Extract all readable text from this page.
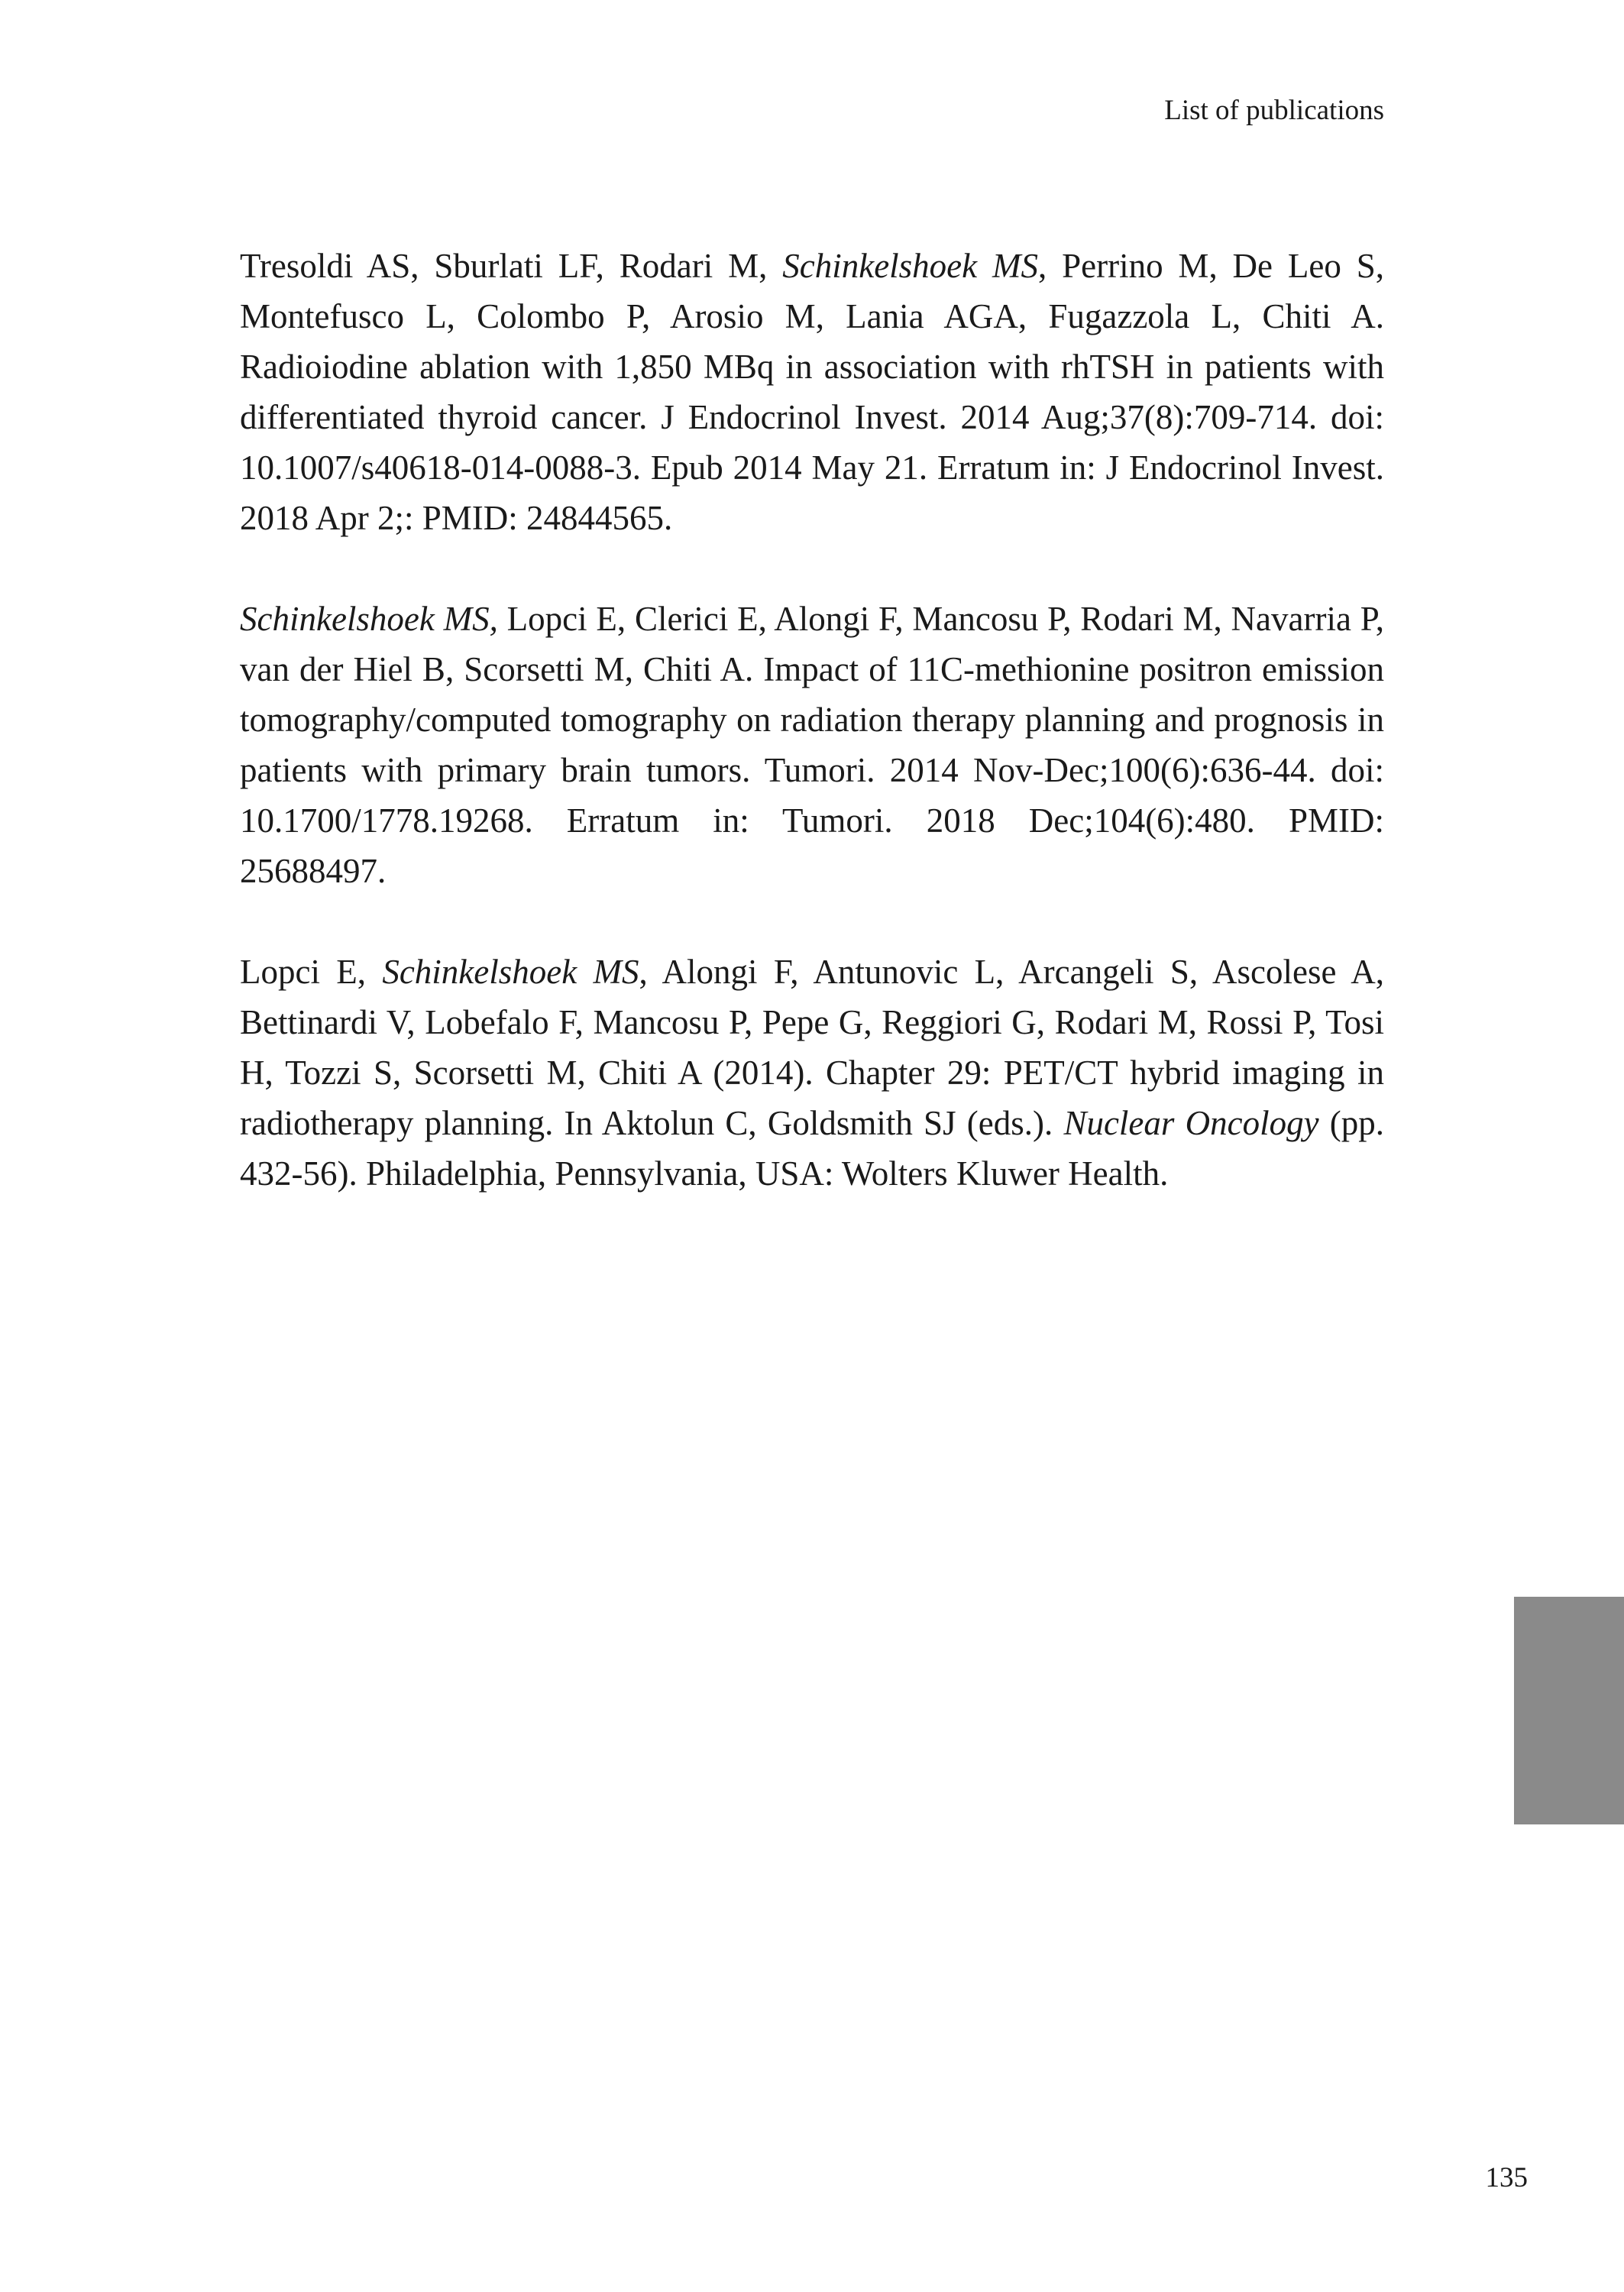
List of publications

Tresoldi AS, Sburlati LF, Rodari M, Schinkelshoek MS, Perrino M, De Leo S, Montefusco L, Colombo P, Arosio M, Lania AGA, Fugazzola L, Chiti A. Radioiodine ablation with 1,850 MBq in association with rhTSH in patients with differentiated thyroid cancer. J Endocrinol Invest. 2014 Aug;37(8):709-714. doi: 10.1007/s40618-014-0088-3. Epub 2014 May 21. Erratum in: J Endocrinol Invest. 2018 Apr 2;: PMID: 24844565.

Schinkelshoek MS, Lopci E, Clerici E, Alongi F, Mancosu P, Rodari M, Navarria P, van der Hiel B, Scorsetti M, Chiti A. Impact of 11C-methionine positron emission tomography/computed tomography on radiation therapy planning and prognosis in patients with primary brain tumors. Tumori. 2014 Nov-Dec;100(6):636-44. doi: 10.1700/1778.19268. Erratum in: Tumori. 2018 Dec;104(6):480. PMID: 25688497.

Lopci E, Schinkelshoek MS, Alongi F, Antunovic L, Arcangeli S, Ascolese A, Bettinardi V, Lobefalo F, Mancosu P, Pepe G, Reggiori G, Rodari M, Rossi P, Tosi H, Tozzi S, Scorsetti M, Chiti A (2014). Chapter 29: PET/CT hybrid imaging in radiotherapy planning. In Aktolun C, Goldsmith SJ (eds.). Nuclear Oncology (pp. 432-56). Philadelphia, Pennsylvania, USA: Wolters Kluwer Health.

135
